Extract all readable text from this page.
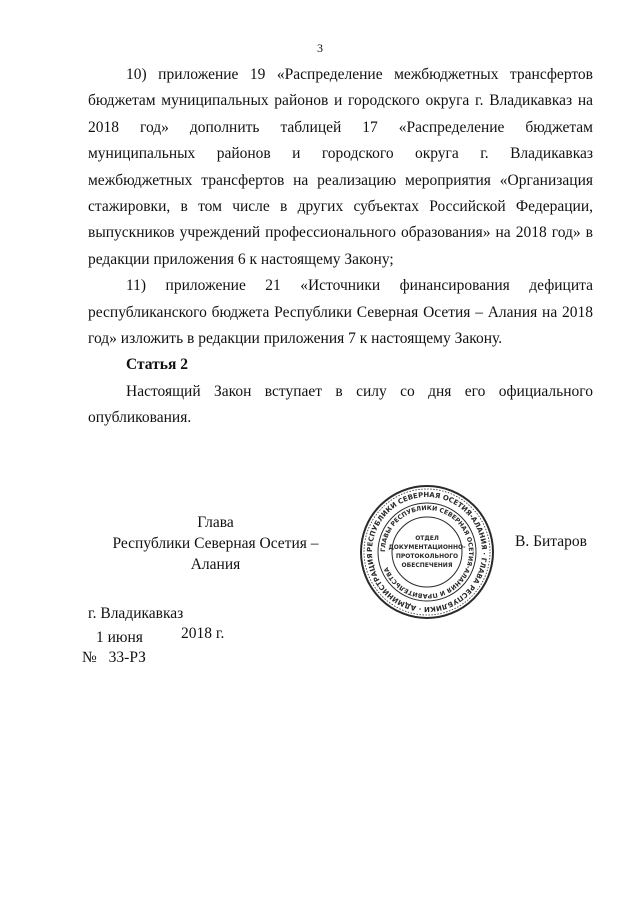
3

10) приложение 19 «Распределение межбюджетных трансфертов бюджетам муниципальных районов и городского округа г. Владикавказ на 2018 год» дополнить таблицей 17 «Распределение бюджетам муниципальных районов и городского округа г. Владикавказ межбюджетных трансфертов на реализацию мероприятия «Организация стажировки, в том числе в других субъектах Российской Федерации, выпускников учреждений профессионального образования» на 2018 год» в редакции приложения 6 к настоящему Закону;

11) приложение 21 «Источники финансирования дефицита республиканского бюджета Республики Северная Осетия – Алания на 2018 год» изложить в редакции приложения 7 к настоящему Закону.

Статья 2

Настоящий Закон вступает в силу со дня его официального опубликования.

Глава
Республики Северная Осетия – Алания
РЕСПУБЛИКИ СЕВЕРНАЯ ОСЕТИЯ-АЛАНИЯ · ГЛАВА РЕСПУБЛИКИ · АДМИНИСТРАЦИЯ
ГЛАВЫ РЕСПУБЛИКИ СЕВЕРНАЯ ОСЕТИЯ-АЛАНИЯ И ПРАВИТЕЛЬСТВА
ОТДЕЛ
ДОКУМЕНТАЦИОННО-
ПРОТОКОЛЬНОГО
ОБЕСПЕЧЕНИЯ
В. Битаров
г. Владикавказ
1 июня 2018 г.
№ 33-РЗ
